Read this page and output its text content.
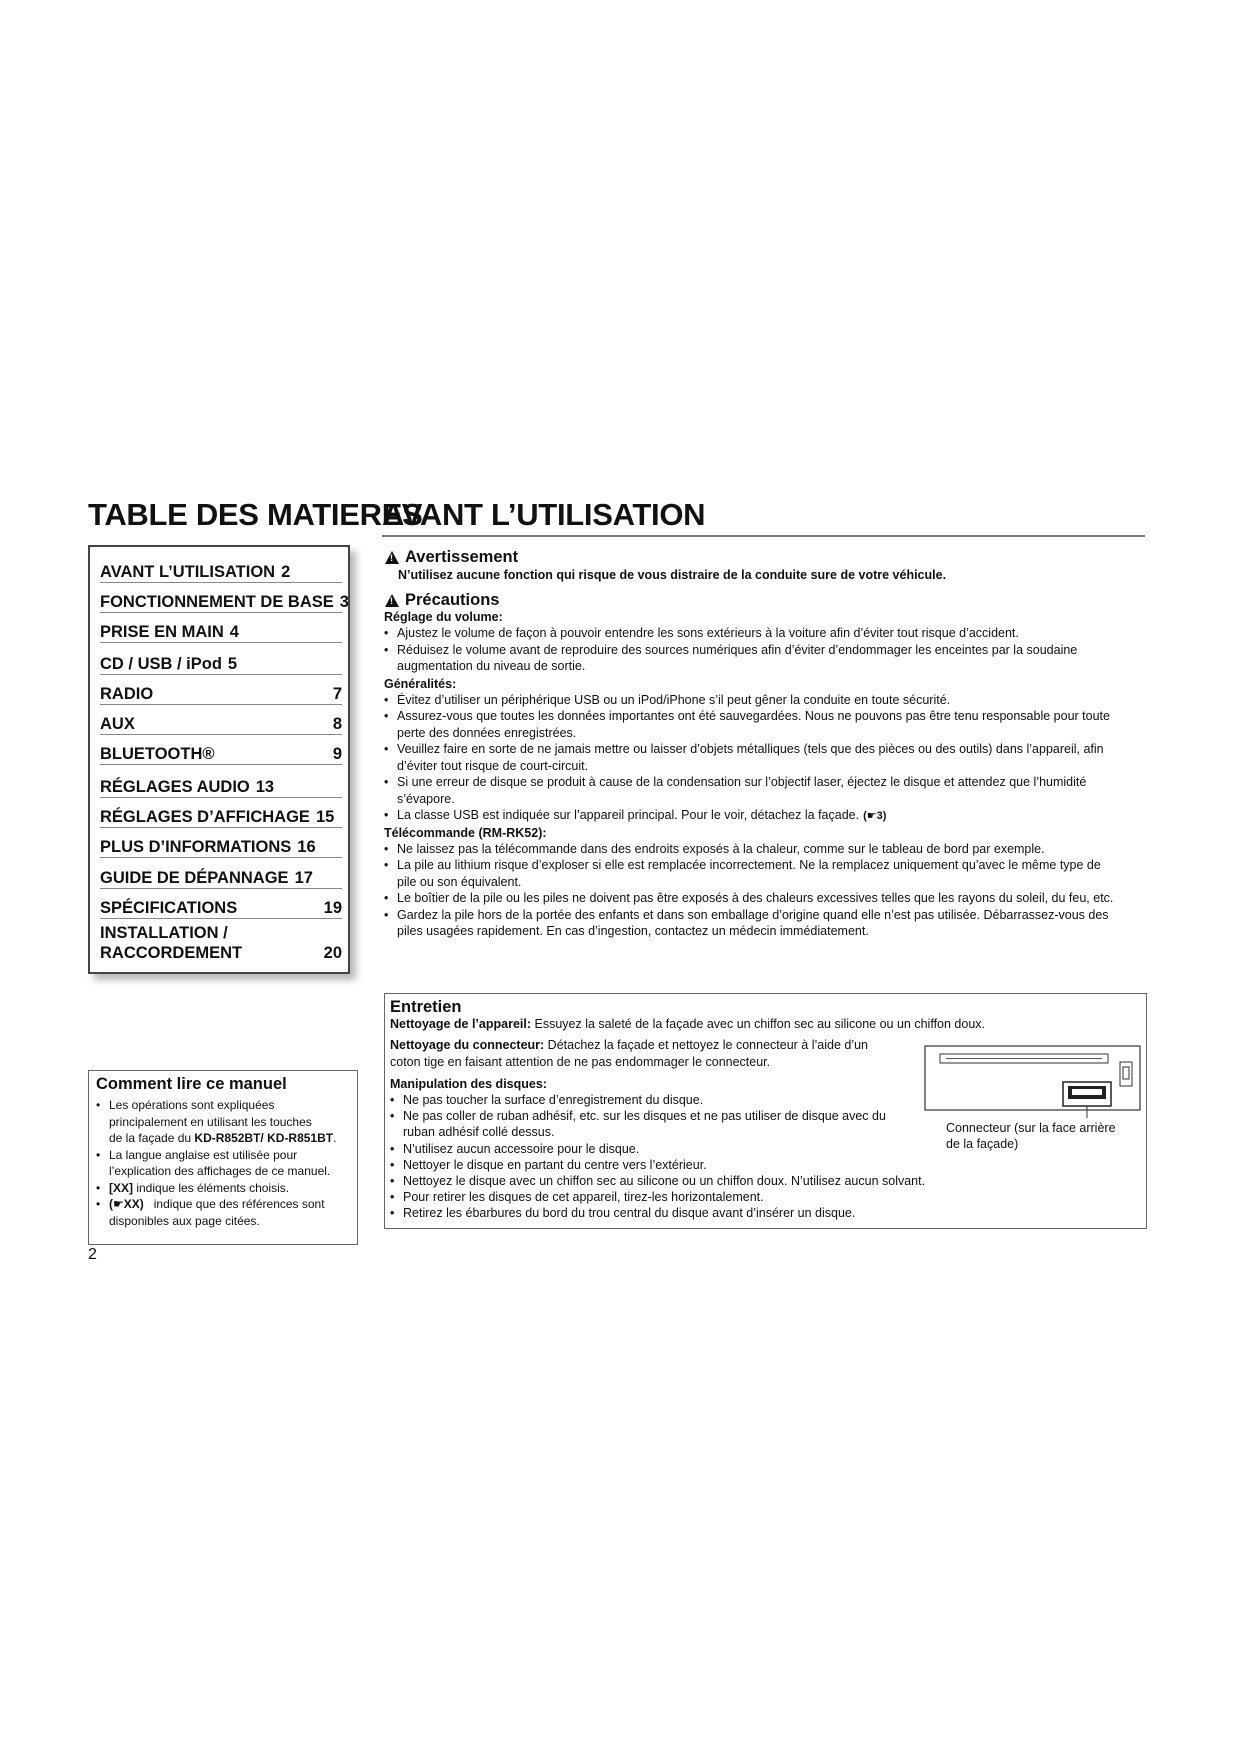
TABLE DES MATIERES
AVANT L’UTILISATION
AVANT L’UTILISATION 2
FONCTIONNEMENT DE BASE 3
PRISE EN MAIN 4
CD / USB / iPod 5
RADIO	7
AUX	8
BLUETOOTH®	9
RÉGLAGES AUDIO 13
RÉGLAGES D’AFFICHAGE 15
PLUS D’INFORMATIONS 16
GUIDE DE DÉPANNAGE 17
SPÉCIFICATIONS	19
INSTALLATION /
RACCORDEMENT	20
!
Avertissement
N’utilisez aucune fonction qui risque de vous distraire de la conduite sure de votre véhicule.
!
Précautions
Réglage du volume:
• Ajustez le volume de façon à pouvoir entendre les sons extérieurs à la voiture afin d’éviter tout risque d’accident.
• Réduisez le volume avant de reproduire des sources numériques afin d’éviter d’endommager les enceintes par la soudaine
augmentation du niveau de sortie.
Généralités:
• Évitez d’utiliser un périphérique USB ou un iPod/iPhone s’il peut gêner la conduite en toute sécurité.
• Assurez-vous que toutes les données importantes ont été sauvegardées. Nous ne pouvons pas être tenu responsable pour toute
perte des données enregistrées.
• Veuillez faire en sorte de ne jamais mettre ou laisser d’objets métalliques (tels que des pièces ou des outils) dans l’appareil, afin
d’éviter tout risque de court-circuit.
• Si une erreur de disque se produit à cause de la condensation sur l’objectif laser, éjectez le disque et attendez que l’humidité
s’évapore.
• La classe USB est indiquée sur l’appareil principal. Pour le voir, détachez la façade. (☛3)
Télécommande (RM-RK52):
• Ne laissez pas la télécommande dans des endroits exposés à la chaleur, comme sur le tableau de bord par exemple.
• La pile au lithium risque d’exploser si elle est remplacée incorrectement. Ne la remplacez uniquement qu’avec le même type de
pile ou son équivalent.
• Le boîtier de la pile ou les piles ne doivent pas être exposés à des chaleurs excessives telles que les rayons du soleil, du feu, etc.
• Gardez la pile hors de la portée des enfants et dans son emballage d’origine quand elle n’est pas utilisée. Débarrassez-vous des
piles usagées rapidement. En cas d’ingestion, contactez un médecin immédiatement.
Comment lire ce manuel
• Les opérations sont expliquées
principalement en utilisant les touches
de la façade du KD-R852BT/ KD-R851BT.
• La langue anglaise est utilisée pour
l’explication des affichages de ce manuel.
• [XX] indique les éléments choisis.
• (☛XX)   indique que des références sont
disponibles aux page citées.
Entretien
Nettoyage de l’appareil: Essuyez la saleté de la façade avec un chiffon sec au silicone ou un chiffon doux.
Nettoyage du connecteur: Détachez la façade et nettoyez le connecteur à l’aide d’un
coton tige en faisant attention de ne pas endommager le connecteur.
Manipulation des disques:
• Ne pas toucher la surface d’enregistrement du disque.
• Ne pas coller de ruban adhésif, etc. sur les disques et ne pas utiliser de disque avec du
ruban adhésif collé dessus.
• N’utilisez aucun accessoire pour le disque.
• Nettoyer le disque en partant du centre vers l’extérieur.
• Nettoyez le disque avec un chiffon sec au silicone ou un chiffon doux. N’utilisez aucun solvant.
• Pour retirer les disques de cet appareil, tirez-les horizontalement.
• Retirez les ébarbures du bord du trou central du disque avant d’insérer un disque.
Connecteur (sur la face arrière
de la façade)
2
